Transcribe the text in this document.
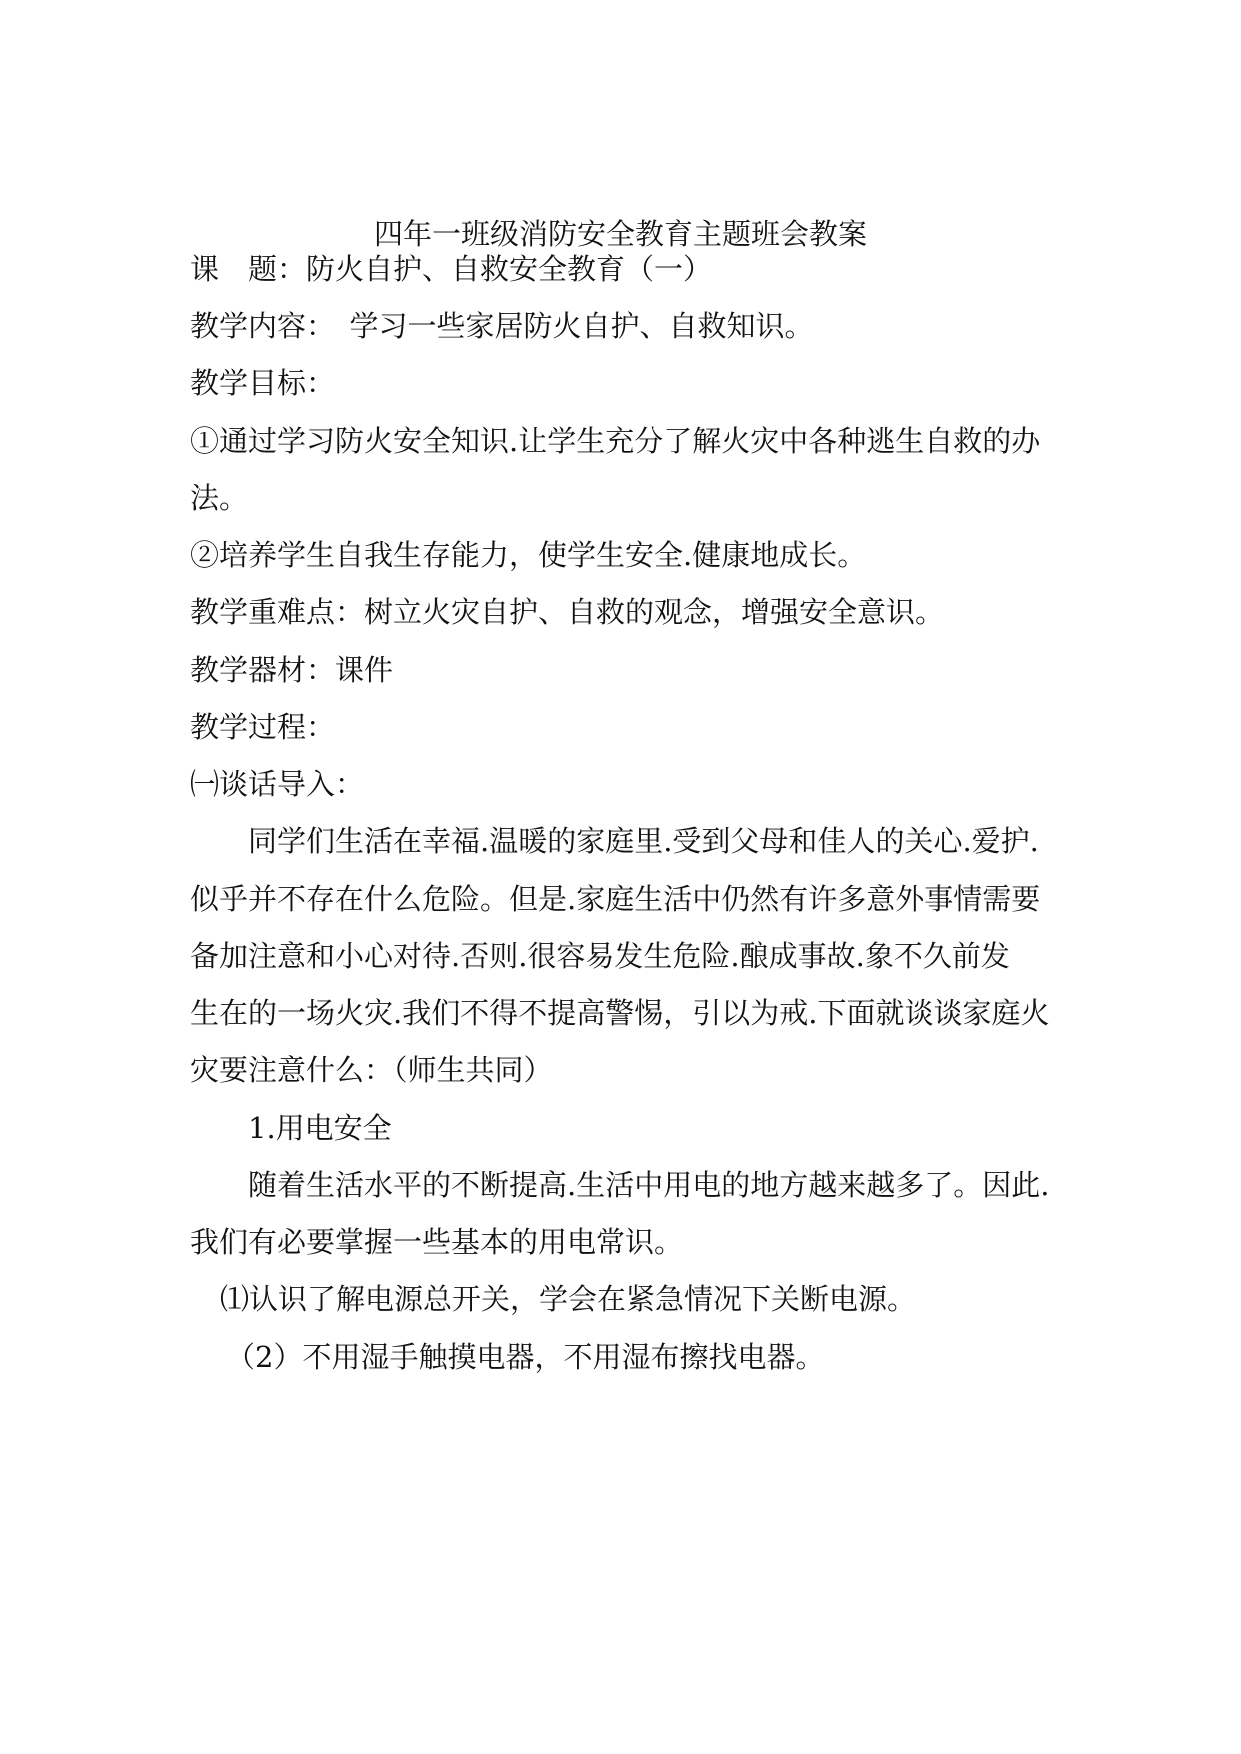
四年一班级消防安全教育主题班会教案
课　题：防火自护、自救安全教育（一）
教学内容：　学习一些家居防火自护、自救知识。
教学目标：
①通过学习防火安全知识.让学生充分了解火灾中各种逃生自救的办
法。
②培养学生自我生存能力，使学生安全.健康地成长。
教学重难点：树立火灾自护、自救的观念，增强安全意识。
教学器材：课件
教学过程：
㈠谈话导入：
同学们生活在幸福.温暖的家庭里.受到父母和佳人的关心.爱护.
似乎并不存在什么危险。但是.家庭生活中仍然有许多意外事情需要
备加注意和小心对待.否则.很容易发生危险.酿成事故.象不久前发
生在的一场火灾.我们不得不提高警惕，引以为戒.下面就谈谈家庭火
灾要注意什么：（师生共同）
1.用电安全
随着生活水平的不断提高.生活中用电的地方越来越多了。因此.
我们有必要掌握一些基本的用电常识。
⑴认识了解电源总开关，学会在紧急情况下关断电源。
（2）不用湿手触摸电器，不用湿布擦找电器。
